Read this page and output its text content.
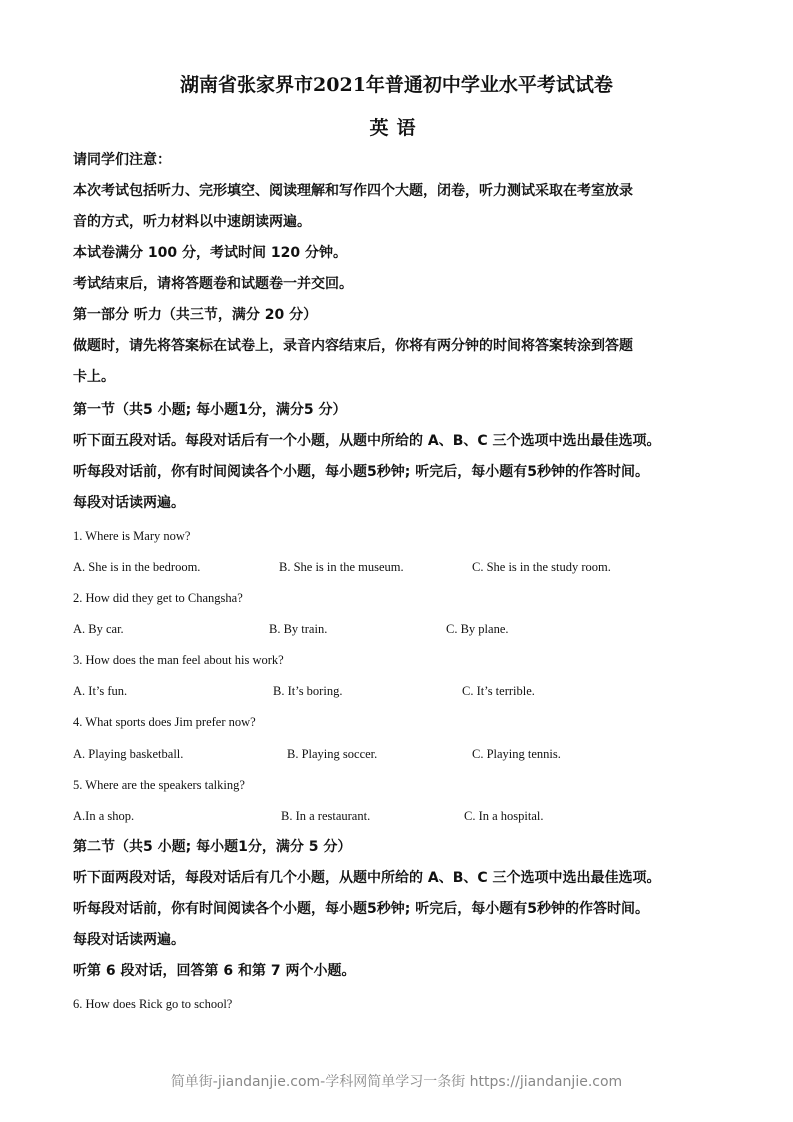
湖南省张家界市2021年普通初中学业水平考试试卷
英语
请同学们注意：
本次考试包括听力、完形填空、阅读理解和写作四个大题，闭卷，听力测试采取在考室放录
音的方式，听力材料以中速朗读两遍。
本试卷满分 100 分，考试时间 120 分钟。
考试结束后，请将答题卷和试题卷一并交回。
第一部分 听力（共三节，满分 20 分）
做题时，请先将答案标在试卷上，录音内容结束后，你将有两分钟的时间将答案转涂到答题
卡上。
第一节（共5 小题; 每小题1分，满分5 分）
听下面五段对话。每段对话后有一个小题，从题中所给的 A、B、C 三个选项中选出最佳选项。
听每段对话前，你有时间阅读各个小题，每小题5秒钟; 听完后，每小题有5秒钟的作答时间。
每段对话读两遍。
1. Where is Mary now?
A. She is in the bedroom.	B. She is in the museum.	C. She is in the study room.
2. How did they get to Changsha?
A. By car.	B. By train.	C. By plane.
3. How does the man feel about his work?
A. It’s fun.	B. It’s boring.	C. It’s terrible.
4. What sports does Jim prefer now?
A. Playing basketball.	B. Playing soccer.	C. Playing tennis.
5. Where are the speakers talking?
A.In a shop.	B. In a restaurant.	C. In a hospital.
第二节（共5 小题; 每小题1分，满分 5 分）
听下面两段对话，每段对话后有几个小题，从题中所给的 A、B、C 三个选项中选出最佳选项。
听每段对话前，你有时间阅读各个小题，每小题5秒钟; 听完后，每小题有5秒钟的作答时间。
每段对话读两遍。
听第 6 段对话，回答第 6 和第 7 两个小题。
6. How does Rick go to school?
简单街-jiandanjie.com-学科网简单学习一条街 https://jiandanjie.com
